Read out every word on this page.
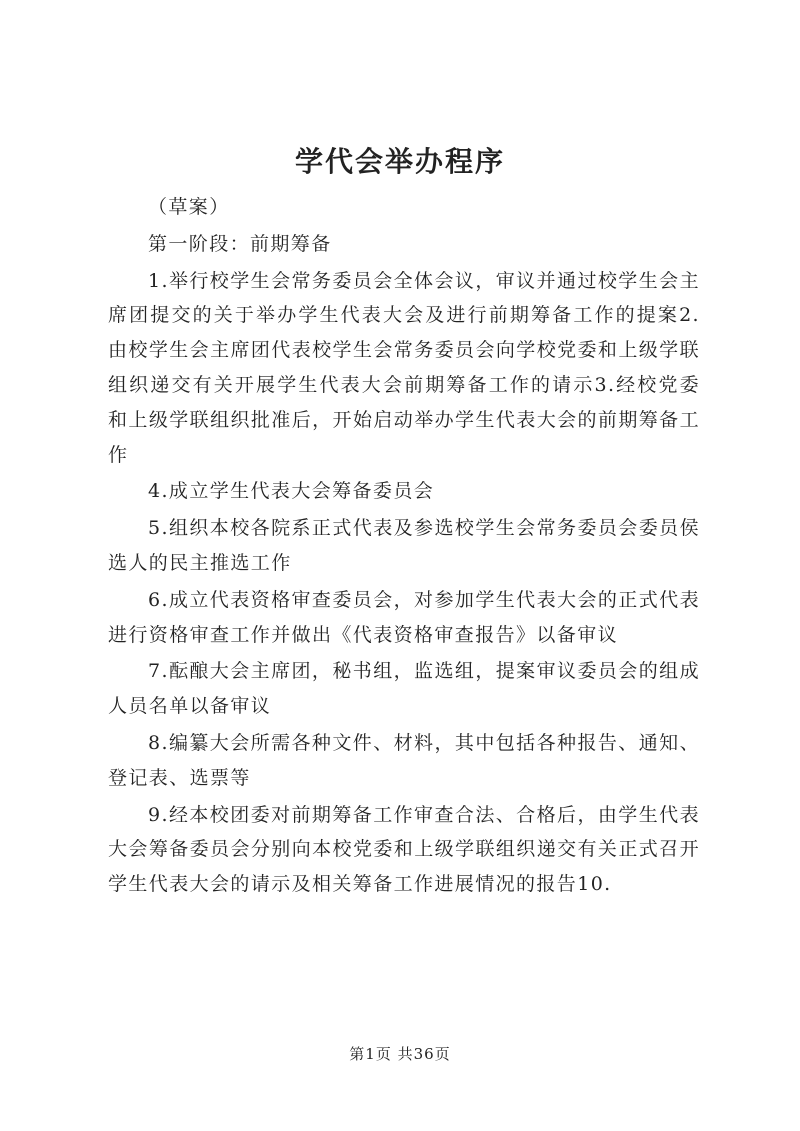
学代会举办程序

（草案）

第一阶段：前期筹备

1.举行校学生会常务委员会全体会议，审议并通过校学生会主席团提交的关于举办学生代表大会及进行前期筹备工作的提案2.由校学生会主席团代表校学生会常务委员会向学校党委和上级学联组织递交有关开展学生代表大会前期筹备工作的请示3.经校党委和上级学联组织批准后，开始启动举办学生代表大会的前期筹备工作

4.成立学生代表大会筹备委员会

5.组织本校各院系正式代表及参选校学生会常务委员会委员侯选人的民主推选工作

6.成立代表资格审查委员会，对参加学生代表大会的正式代表进行资格审查工作并做出《代表资格审查报告》以备审议

7.酝酿大会主席团，秘书组，监选组，提案审议委员会的组成人员名单以备审议

8.编纂大会所需各种文件、材料，其中包括各种报告、通知、登记表、选票等

9.经本校团委对前期筹备工作审查合法、合格后，由学生代表大会筹备委员会分别向本校党委和上级学联组织递交有关正式召开学生代表大会的请示及相关筹备工作进展情况的报告10.

第1页 共36页
